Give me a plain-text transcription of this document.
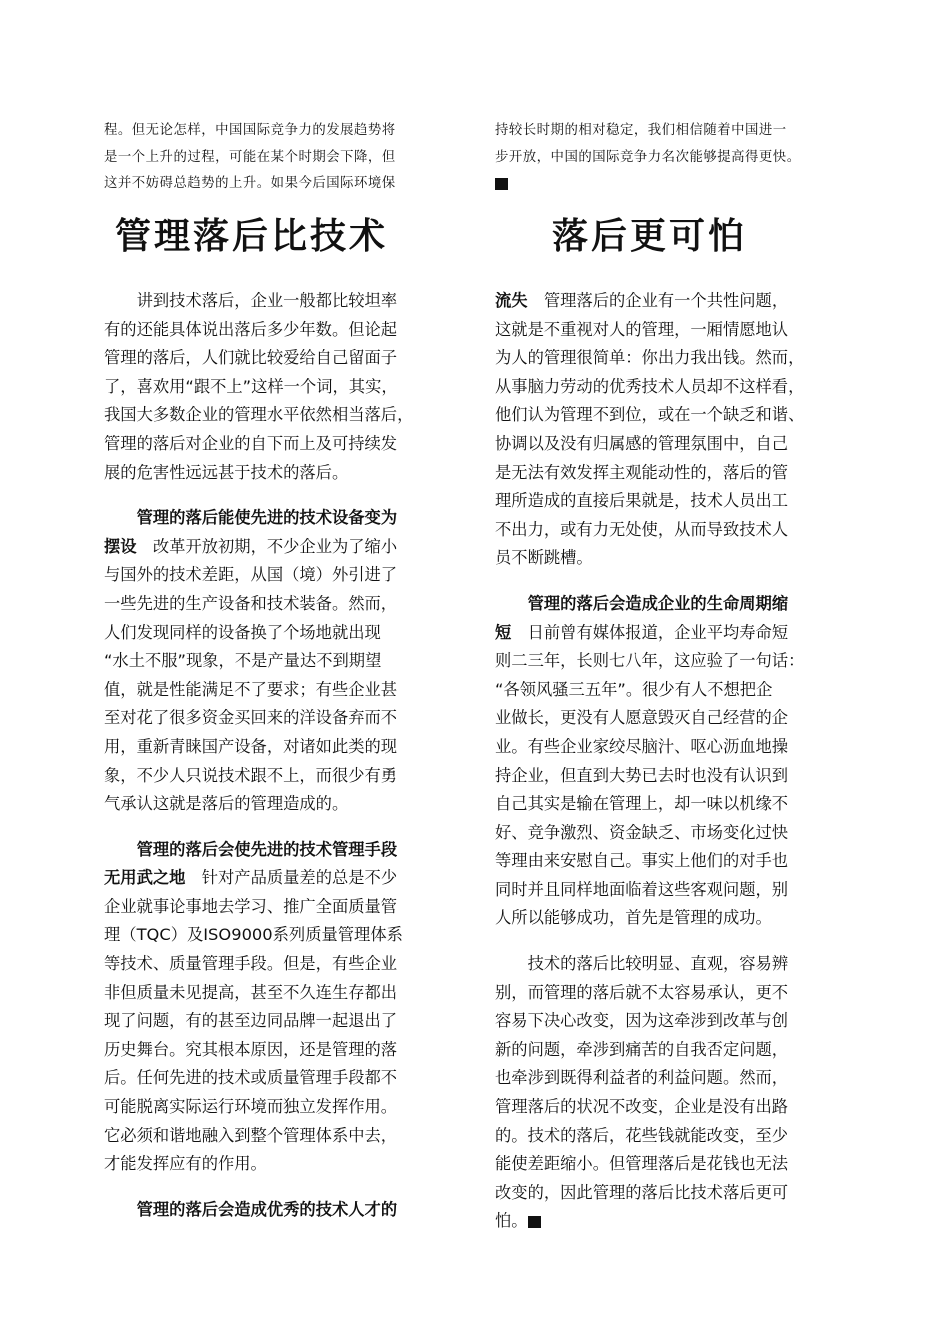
程。但无论怎样，中国国际竞争力的发展趋势将
是一个上升的过程，可能在某个时期会下降，但
这并不妨碍总趋势的上升。如果今后国际环境保

持较长时期的相对稳定，我们相信随着中国进一
步开放，中国的国际竞争力名次能够提高得更快。

管理落后比技术	落后更可怕

讲到技术落后，企业一般都比较坦率
有的还能具体说出落后多少年数。但论起
管理的落后，人们就比较爱给自己留面子
了，喜欢用“跟不上”这样一个词，其实，
我国大多数企业的管理水平依然相当落后，
管理的落后对企业的自下而上及可持续发
展的危害性远远甚于技术的落后。

管理的落后能使先进的技术设备变为
摆设　 改革开放初期，不少企业为了缩小
与国外的技术差距，从国（境）外引进了
一些先进的生产设备和技术装备。然而，
人们发现同样的设备换了个场地就出现
“水土不服”现象，不是产量达不到期望
值，就是性能满足不了要求；有些企业甚
至对花了很多资金买回来的洋设备弃而不
用，重新青睐国产设备，对诸如此类的现
象，不少人只说技术跟不上，而很少有勇
气承认这就是落后的管理造成的。

管理的落后会使先进的技术管理手段
无用武之地　 针对产品质量差的总是不少
企业就事论事地去学习、推广全面质量管
理（TQC）及ISO9000系列质量管理体系
等技术、质量管理手段。但是，有些企业
非但质量未见提高，甚至不久连生存都出
现了问题，有的甚至边同品牌一起退出了
历史舞台。究其根本原因，还是管理的落
后。任何先进的技术或质量管理手段都不
可能脱离实际运行环境而独立发挥作用。
它必须和谐地融入到整个管理体系中去，
才能发挥应有的作用。

管理的落后会造成优秀的技术人才的

流失　 管理落后的企业有一个共性问题，
这就是不重视对人的管理，一厢情愿地认
为人的管理很简单：你出力我出钱。然而，
从事脑力劳动的优秀技术人员却不这样看，
他们认为管理不到位，或在一个缺乏和谐、
协调以及没有归属感的管理氛围中，自己
是无法有效发挥主观能动性的，落后的管
理所造成的直接后果就是，技术人员出工
不出力，或有力无处使，从而导致技术人
员不断跳槽。

管理的落后会造成企业的生命周期缩
短　 日前曾有媒体报道，企业平均寿命短
则二三年，长则七八年，这应验了一句话：
“各领风骚三五年”。很少有人不想把企
业做长，更没有人愿意毁灭自己经营的企
业。有些企业家绞尽脑汁、呕心沥血地操
持企业，但直到大势已去时也没有认识到
自己其实是输在管理上，却一味以机缘不
好、竞争激烈、资金缺乏、市场变化过快
等理由来安慰自己。事实上他们的对手也
同时并且同样地面临着这些客观问题，别
人所以能够成功，首先是管理的成功。

技术的落后比较明显、直观，容易辨
别，而管理的落后就不太容易承认，更不
容易下决心改变，因为这牵涉到改革与创
新的问题，牵涉到痛苦的自我否定问题，
也牵涉到既得利益者的利益问题。然而，
管理落后的状况不改变，企业是没有出路
的。技术的落后，花些钱就能改变，至少
能使差距缩小。但管理落后是花钱也无法
改变的，因此管理的落后比技术落后更可
怕。
